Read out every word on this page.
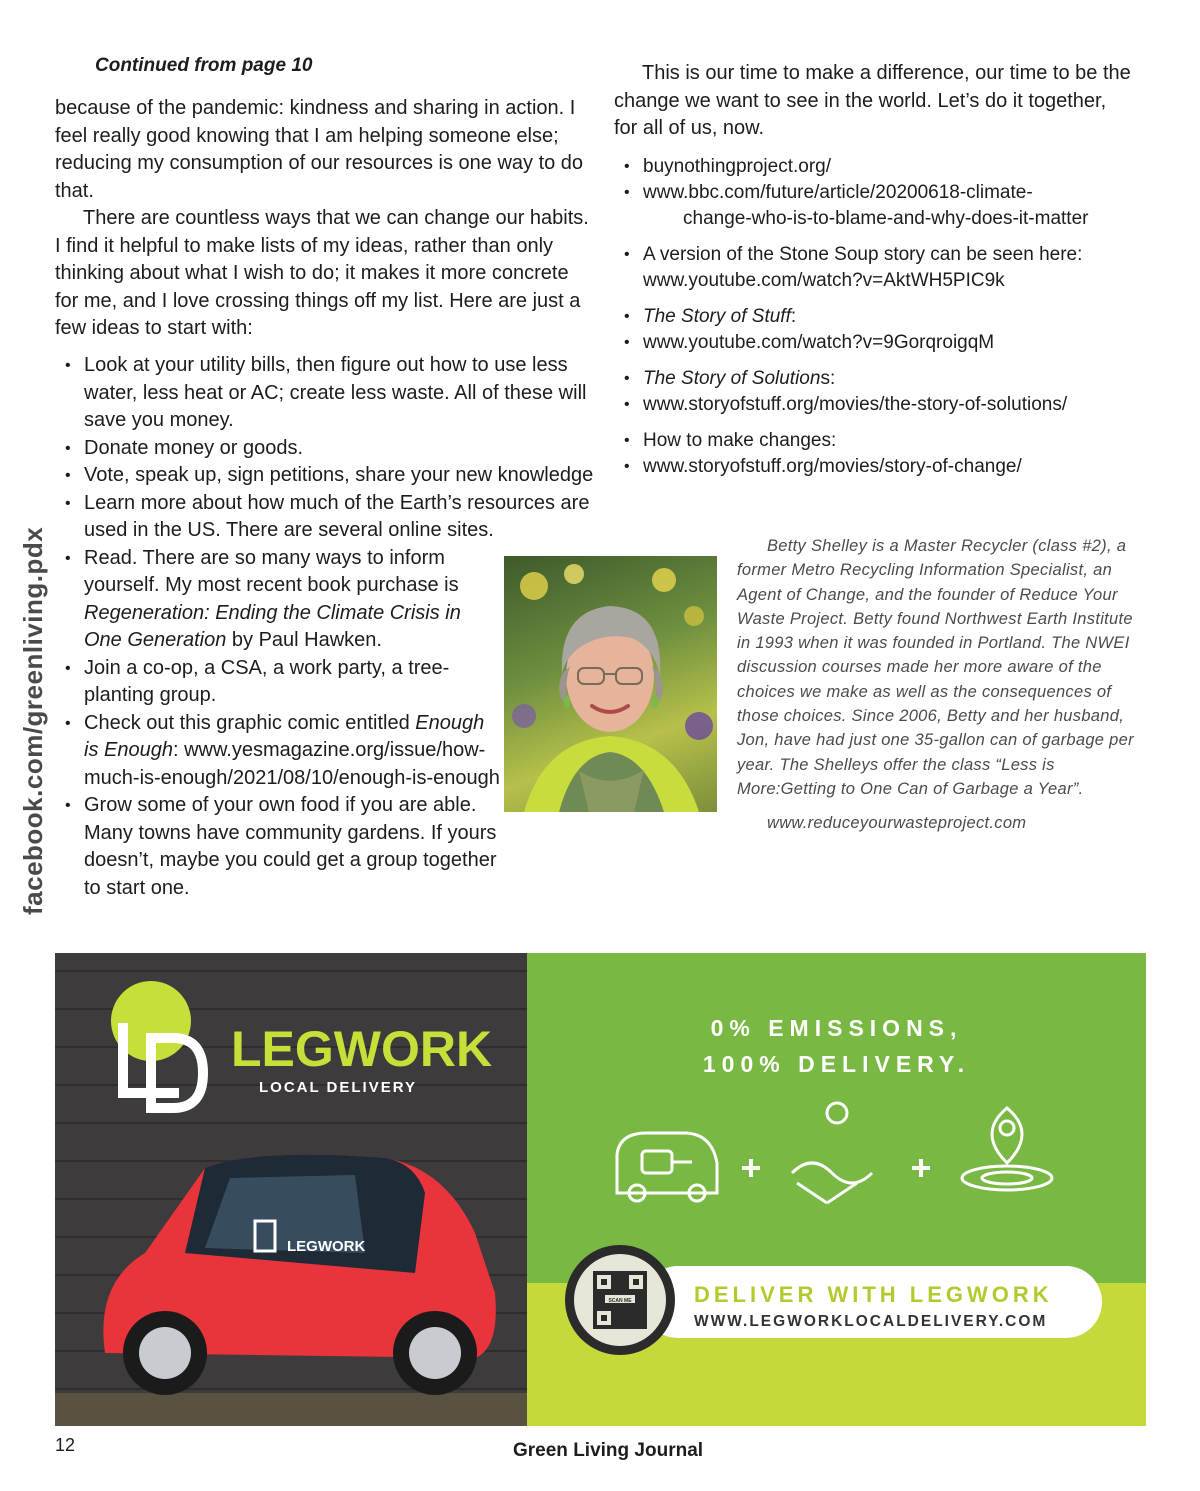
Continued from page 10

because of the pandemic: kindness and sharing in action. I feel really good knowing that I am helping someone else; reducing my consumption of our resources is one way to do that.

There are countless ways that we can change our habits. I find it helpful to make lists of my ideas, rather than only thinking about what I wish to do; it makes it more concrete for me, and I love crossing things off my list. Here are just a few ideas to start with:

• Look at your utility bills, then figure out how to use less water, less heat or AC; create less waste. All of these will save you money.
• Donate money or goods.
• Vote, speak up, sign petitions, share your new knowledge
• Learn more about how much of the Earth’s resources are used in the US. There are several online sites.
• Read. There are so many ways to inform yourself. My most recent book purchase is Regeneration: Ending the Climate Crisis in One Generation by Paul Hawken.
• Join a co-op, a CSA, a work party, a tree-planting group.
• Check out this graphic comic entitled Enough is Enough: www.yesmagazine.org/issue/how-much-is-enough/2021/08/10/enough-is-enough
• Grow some of your own food if you are able. Many towns have community gardens. If yours doesn’t, maybe you could get a group together to start one.

This is our time to make a difference, our time to be the change we want to see in the world. Let’s do it together, for all of us, now.

• buynothingproject.org/
• www.bbc.com/future/article/20200618-climate-
change-who-is-to-blame-and-why-does-it-matter
• A version of the Stone Soup story can be seen here: www.youtube.com/watch?v=AktWH5PIC9k
• The Story of Stuff:
• www.youtube.com/watch?v=9GorqroigqM
• The Story of Solutions:
• www.storyofstuff.org/movies/the-story-of-solutions/
• How to make changes:
• www.storyofstuff.org/movies/story-of-change/

Betty Shelley is a Master Recycler (class #2), a former Metro Recycling Information Specialist, an Agent of Change, and the founder of Reduce Your Waste Project. Betty found Northwest Earth Institute in 1993 when it was founded in Portland. The NWEI discussion courses made her more aware of the choices we make as well as the consequences of those choices. Since 2006, Betty and her husband, Jon, have had just one 35-gallon can of garbage per year. The Shelleys offer the class “Less is More:Getting to One Can of Garbage a Year”.

www.reduceyourwasteproject.com

facebook.com/greenliving.pdx
LEGWORK
LEGWORK
LOCAL DELIVERY
0% EMISSIONS,
100% DELIVERY.
SCAN ME	DELIVER WITH LEGWORK
WWW.LEGWORKLOCALDELIVERY.COM
12	Green Living Journal
